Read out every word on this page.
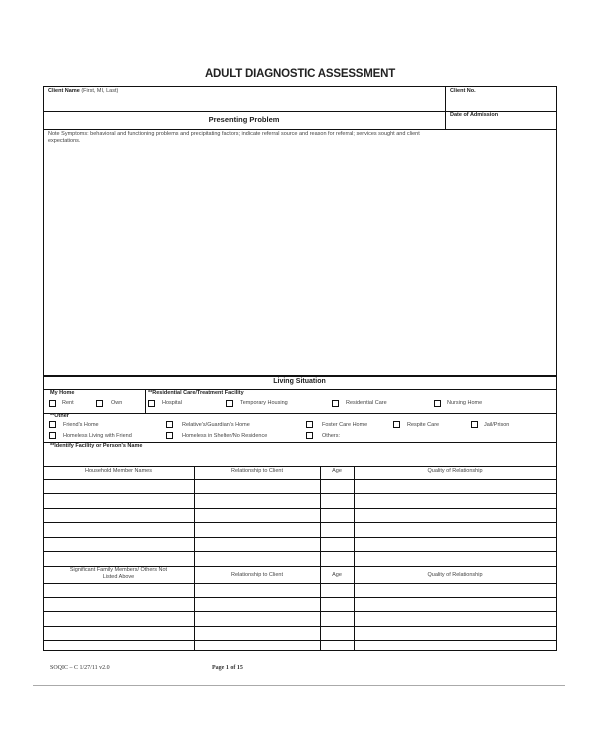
ADULT DIAGNOSTIC ASSESSMENT
Client Name (First, MI, Last)	Client No.
Presenting Problem	Date of Admission
Note Symptoms: behavioral and functioning problems and precipitating factors; indicate referral source and reason for referral; services sought and client
expectations.
Living Situation
My Home
Rent	Own
**Residential Care/Treatment Facility
Hospital	Temporary Housing	Residential Care	Nursing Home
**Other
Friend's Home	Relative's/Guardian's Home	Foster Care Home	Respite Care	Jail/Prison
Homeless Living with Friend	Homeless in Shelter/No Residence	Others:
**Identify Facility or Person's Name
Household Member Names	Relationship to Client	Age	Quality of Relationship
Significant Family Members/ Others Not Listed Above	Relationship to Client	Age	Quality of Relationship
SOQIC – C 1/27/11 v2.0	Page 1 of 15
